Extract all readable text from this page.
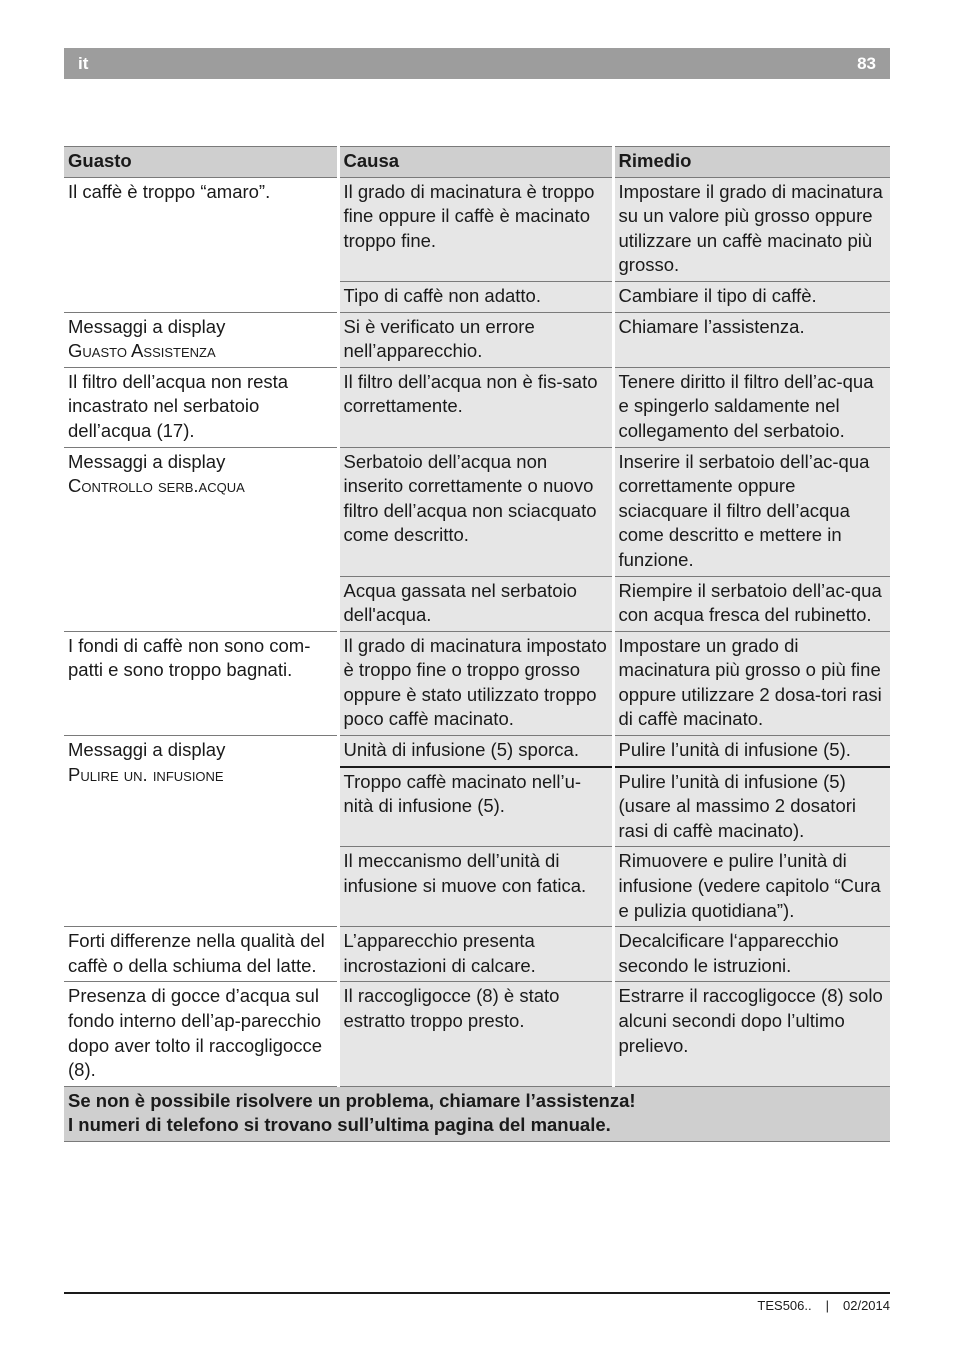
it	83
Guasto	Causa	Rimedio

Il caffè è troppo “amaro”.	Il grado di macinatura è troppo fine oppure il caffè è macinato troppo fine.	Impostare il grado di macinatura su un valore più grosso oppure utilizzare un caffè macinato più grosso.
	Tipo di caffè non adatto.	Cambiare il tipo di caffè.

Messaggi a display
Guasto Assistenza	Si è verificato un errore nell’apparecchio.	Chiamare l’assistenza.

Il filtro dell’acqua non resta incastrato nel serbatoio dell’acqua (17).	Il filtro dell’acqua non è fis-sato correttamente.	Tenere diritto il filtro dell’ac-qua e spingerlo saldamente nel collegamento del serbatoio.

Messaggi a display
Controllo serb.acqua	Serbatoio dell’acqua non inserito correttamente o nuovo filtro dell’acqua non sciacquato come descritto.	Inserire il serbatoio dell’ac-qua correttamente oppure sciacquare il filtro dell’acqua come descritto e mettere in funzione.
	Acqua gassata nel serbatoio dell'acqua.	Riempire il serbatoio dell’ac-qua con acqua fresca del rubinetto.

I fondi di caffè non sono com-patti e sono troppo bagnati.	Il grado di macinatura impostato è troppo fine o troppo grosso oppure è stato utilizzato troppo poco caffè macinato.	Impostare un grado di macinatura più grosso o più fine oppure utilizzare 2 dosa-tori rasi di caffè macinato.

Messaggi a display
Pulire un. infusione	Unità di infusione (5) sporca.	Pulire l’unità di infusione (5).
	Troppo caffè macinato nell’u-nità di infusione (5).	Pulire l’unità di infusione (5) (usare al massimo 2 dosatori rasi di caffè macinato).
	Il meccanismo dell’unità di infusione si muove con fatica.	Rimuovere e pulire l’unità di infusione (vedere capitolo “Cura e pulizia quotidiana”).

Forti differenze nella qualità del caffè o della schiuma del latte.	L’apparecchio presenta incrostazioni di calcare.	Decalcificare l‘apparecchio secondo le istruzioni.

Presenza di gocce d’acqua sul fondo interno dell’ap-parecchio dopo aver tolto il raccogligocce (8).	Il raccogligocce (8) è stato estratto troppo presto.	Estrarre il raccogligocce (8) solo alcuni secondi dopo l’ultimo prelievo.

Se non è possibile risolvere un problema, chiamare l’assistenza!
I numeri di telefono si trovano sull’ultima pagina del manuale.		
TES506.. | 02/2014
